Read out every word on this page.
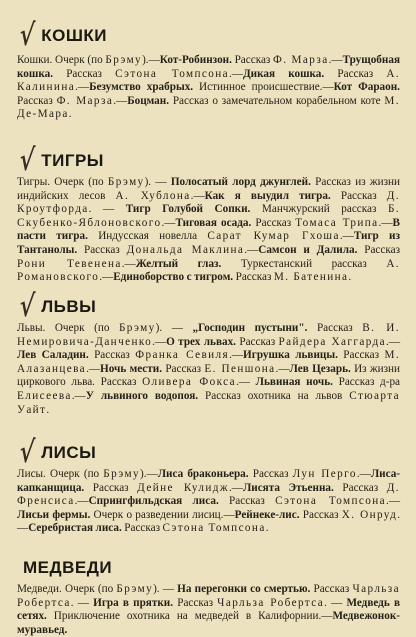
√ КОШКИ

Кошки. Очерк (по Брэму).—Кот-Робинзон. Рассказ Ф. Марза.—Трущобная кошка. Рассказ Сэтона Томпсона.—Дикая кошка. Рассказ А. Калинина.—Безумство храбрых. Истинное происшествие.—Кот Фараон. Рассказ Ф. Марза.—Боцман. Рассказ о замечательном корабельном коте М. Де-Мара.

√ ТИГРЫ

Тигры. Очерк (по Брэму). — Полосатый лорд джунглей. Рассказ из жизни индийских лесов А. Хублона.—Как я выудил тигра. Рассказ Д. Кроутфорда. — Тигр Голубой Сопки. Манчжурский рассказ Б. Скубенко-Яблоновского.—Тиговая осада. Рассказ Томаса Трипа.—В пасти тигра. Индусская новелла Сарат Кумар Гхоша.—Тигр из Тантанолы. Рассказ Дональда Маклина.—Самсон и Далила. Рассказ Рони Тевенена.—Желтый глаз. Туркестанский рассказ А. Романовского.—Единоборство с тигром. Рассказ М. Батенина.

√ ЛЬВЫ

Львы. Очерк (по Брэму). — „Господин пустыни". Рассказ В. И. Немировича-Данченко.—О трех львах. Рассказ Райдера Хаггарда.—Лев Саладин. Рассказ Франка Севиля.—Игрушка львицы. Рассказ М. Алазанцева.—Ночь мести. Рассказ Е. Пеншона.—Лев Цезарь. Из жизни циркового льва. Рассказ Оливера Фокса.— Львиная ночь. Рассказ д-ра Елисеева.—У львиного водопоя. Рассказ охотника на львов Стюарта Уайт.

√ ЛИСЫ

Лисы. Очерк (по Брэму).—Лиса браконьера. Рассказ Лун Перго.—Лиса-капканщица. Рассказ Дейне Кулидж.—Лисята Этьенна. Рассказ Д. Френсиса.—Спрингфильдская лиса. Рассказ Сэтона Томпсона.—Лисьи фермы. Очерк о разведении лисиц.—Рейнеке-лис. Рассказ Х. Онруд.—Серебристая лиса. Рассказ Сэтона Томпсона.

МЕДВЕДИ

Медведи. Очерк (по Брэму). — На перегонки со смертью. Рассказ Чарльза Робертса. — Игра в прятки. Рассказ Чарльза Робертса. — Медведь в сетях. Приключение охотника на медведей в Калифорнии.—Медвежонок-муравьед.
